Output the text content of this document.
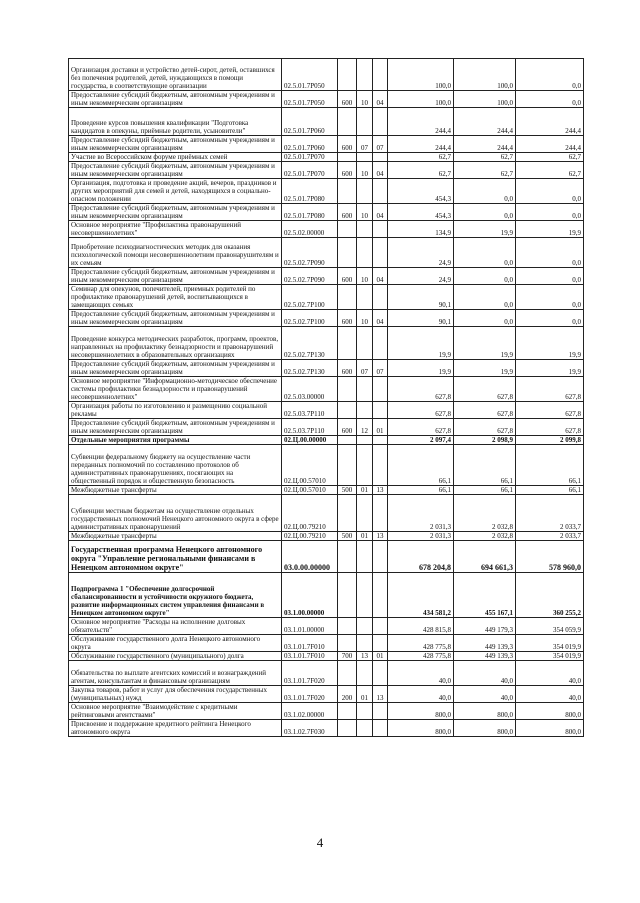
Организация доставки и устройство детей-сирот, детей, оставшихся без попечения родителей, детей, нуждающихся в помощи государства, в соответствующие организации	02.5.01.7Р050				100,0	100,0	0,0
Предоставление субсидий бюджетным, автономным учреждениям и иным некоммерческим организациям	02.5.01.7Р050	600	10	04	100,0	100,0	0,0
Проведение курсов повышения квалификации "Подготовка кандидатов в опекуны, приёмные родители, усыновители"	02.5.01.7Р060				244,4	244,4	244,4
Предоставление субсидий бюджетным, автономным учреждениям и иным некоммерческим организациям	02.5.01.7Р060	600	07	07	244,4	244,4	244,4
Участие во Всероссийском форуме приёмных семей	02.5.01.7Р070				62,7	62,7	62,7
Предоставление субсидий бюджетным, автономным учреждениям и иным некоммерческим организациям	02.5.01.7Р070	600	10	04	62,7	62,7	62,7
Организация, подготовка и проведение акций, вечеров, праздников и других мероприятий для семей и детей, находящихся в социально-опасном положении	02.5.01.7Р080				454,3	0,0	0,0
Предоставление субсидий бюджетным, автономным учреждениям и иным некоммерческим организациям	02.5.01.7Р080	600	10	04	454,3	0,0	0,0
Основное мероприятие "Профилактика правонарушений несовершеннолетних"	02.5.02.00000				134,9	19,9	19,9
Приобретение психодиагностических методик для оказания психологической помощи несовершеннолетним правонарушителям и их семьям	02.5.02.7Р090				24,9	0,0	0,0
Предоставление субсидий бюджетным, автономным учреждениям и иным некоммерческим организациям	02.5.02.7Р090	600	10	04	24,9	0,0	0,0
Семинар для опекунов, попечителей, приемных родителей по профилактике правонарушений детей, воспитывающихся в замещающих семьях	02.5.02.7Р100				90,1	0,0	0,0
Предоставление субсидий бюджетным, автономным учреждениям и иным некоммерческим организациям	02.5.02.7Р100	600	10	04	90,1	0,0	0,0
Проведение конкурса методических разработок, программ, проектов, направленных на профилактику безнадзорности и правонарушений несовершеннолетних в образовательных организациях	02.5.02.7Р130				19,9	19,9	19,9
Предоставление субсидий бюджетным, автономным учреждениям и иным некоммерческим организациям	02.5.02.7Р130	600	07	07	19,9	19,9	19,9
Основное мероприятие "Информационно-методическое обеспечение системы профилактики безнадзорности и правонарушений несовершеннолетних"	02.5.03.00000				627,8	627,8	627,8
Организация работы по изготовлению и размещению социальной рекламы	02.5.03.7Р110				627,8	627,8	627,8
Предоставление субсидий бюджетным, автономным учреждениям и иным некоммерческим организациям	02.5.03.7Р110	600	12	01	627,8	627,8	627,8
Отдельные мероприятия программы	02.Ц.00.00000				2 097,4	2 098,9	2 099,8
Субвенции федеральному бюджету на осуществление части переданных полномочий по составлению протоколов об административных правонарушениях, посягающих на общественный порядок и общественную безопасность	02.Ц.00.57010				66,1	66,1	66,1
Межбюджетные трансферты	02.Ц.00.57010	500	01	13	66,1	66,1	66,1
Субвенции местным бюджетам на осуществление отдельных государственных полномочий Ненецкого автономного округа в сфере административных правонарушений	02.Ц.00.79210				2 031,3	2 032,8	2 033,7
Межбюджетные трансферты	02.Ц.00.79210	500	01	13	2 031,3	2 032,8	2 033,7
Государственная программа Ненецкого автономного округа "Управление региональными финансами в Ненецком автономном округе"	03.0.00.00000				678 204,8	694 661,3	578 960,0
Подпрограмма 1 "Обеспечение долгосрочной сбалансированности и устойчивости окружного бюджета, развитие информационных систем управления финансами в Ненецком автономном округе"	03.1.00.00000				434 581,2	455 167,1	360 255,2
Основное мероприятие "Расходы на исполнение долговых обязательств"	03.1.01.00000				428 815,8	449 179,3	354 059,9
Обслуживание государственного долга Ненецкого автономного округа	03.1.01.7F010				428 775,8	449 139,3	354 019,9
Обслуживание государственного (муниципального) долга	03.1.01.7F010	700	13	01	428 775,8	449 139,3	354 019,9
Обязательства по выплате агентских комиссий и вознаграждений агентам, консультантам и финансовым организациям	03.1.01.7F020				40,0	40,0	40,0
Закупка товаров, работ и услуг для обеспечения государственных (муниципальных) нужд	03.1.01.7F020	200	01	13	40,0	40,0	40,0
Основное мероприятие "Взаимодействие с кредитными рейтинговыми агентствами"	03.1.02.00000				800,0	800,0	800,0
Присвоение и поддержание кредитного рейтинга Ненецкого автономного округа	03.1.02.7F030				800,0	800,0	800,0
4
